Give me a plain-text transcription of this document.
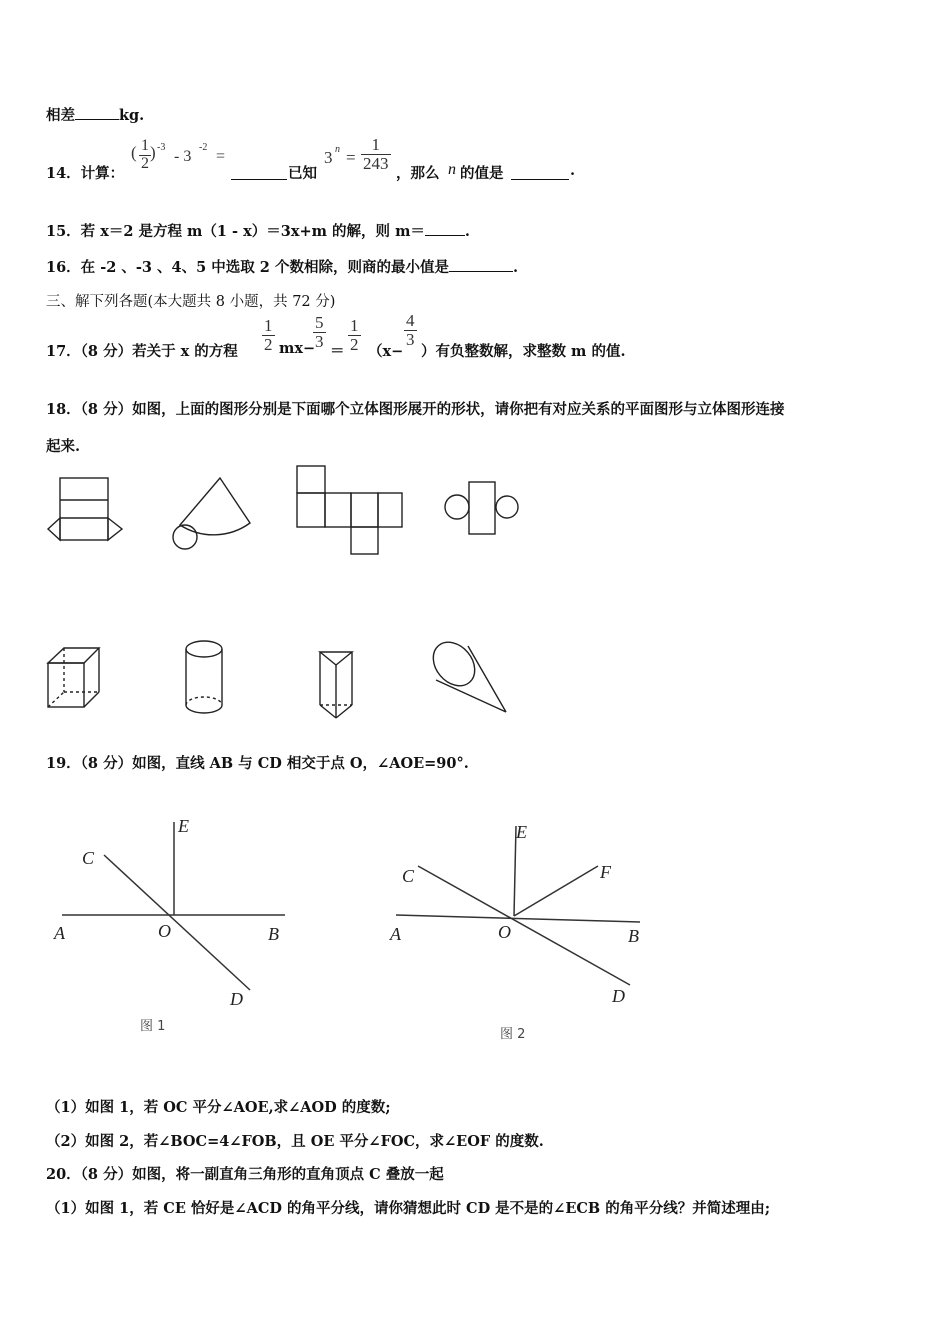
相差	kg.
14．计算：
( $\frac{1}{2}$ ) -3
- 3
-2
=
已知
3 $n = \frac{1}{243}$
，那么 n 的值是	.
15．若 x＝2 是方程 m（1 - x）＝3x+m 的解，则 m＝	.
16．在 -2 、-3 、4、5 中选取 2 个数相除，则商的最小值是	.
三、解下列各题(本大题共 8 小题，共 72 分)
17．（8 分）若关于 x 的方程 $\frac{1}{2} mx-$
$\frac{5}{3}$
＝ $\frac{1}{2} (x-$
$\frac{4}{3}$
）有负整数解，求整数 m 的值.
18．（8 分）如图，上面的图形分别是下面哪个立体图形展开的形状，请你把有对应关系的平面图形与立体图形连接
起来.
19．（8 分）如图，直线 AB 与 CD 相交于点 O，∠AOE=90°.
A	O	B
C
E
D
图 1
A	O	B
C
E
F
D
图 2
（1）如图 1，若 OC 平分∠AOE,求∠AOD 的度数;
（2）如图 2，若∠BOC=4∠FOB，且 OE 平分∠FOC，求∠EOF 的度数.
20．（8 分）如图，将一副直角三角形的直角顶点 C 叠放一起
（1）如图 1，若 CE 恰好是∠ACD 的角平分线，请你猜想此时 CD 是不是的∠ECB 的角平分线？并简述理由;
